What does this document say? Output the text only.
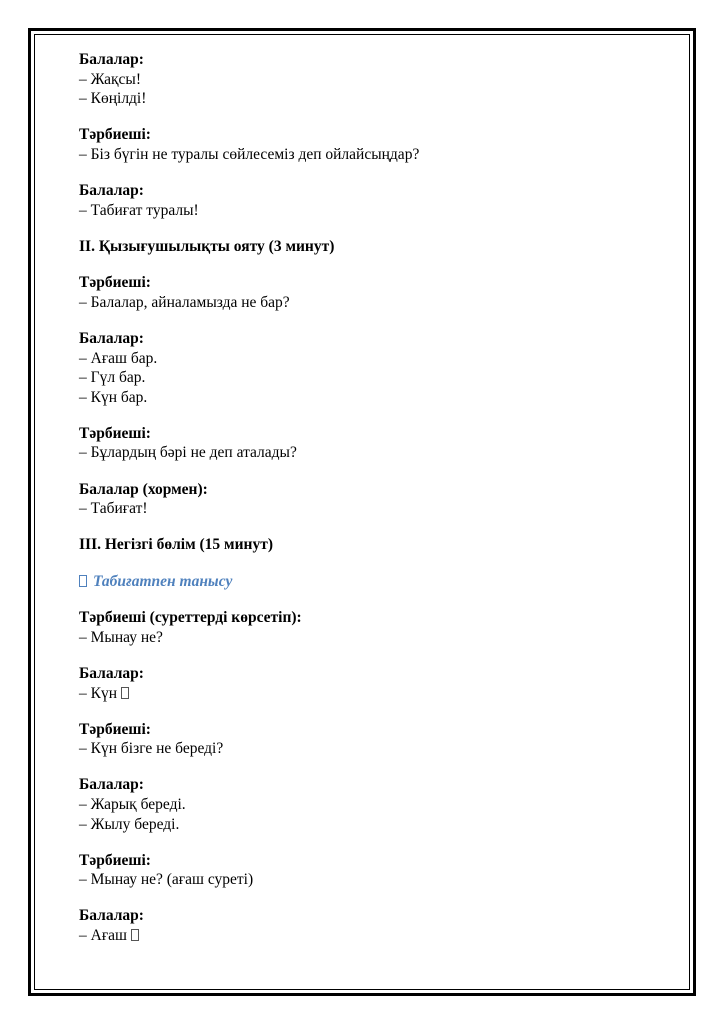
Балалар:
– Жақсы!
– Көңілді!
Тәрбиеші:
– Біз бүгін не туралы сөйлесеміз деп ойлайсыңдар?
Балалар:
– Табиғат туралы!
II. Қызығушылықты ояту (3 минут)
Тәрбиеші:
– Балалар, айналамызда не бар?
Балалар:
– Ағаш бар.
– Гүл бар.
– Күн бар.
Тәрбиеші:
– Бұлардың бәрі не деп аталады?
Балалар (хормен):
– Табиғат!
III. Негізгі бөлім (15 минут)
Табиғатпен танысу
Тәрбиеші (суреттерді көрсетіп):
– Мынау не?
Балалар:
– Күн
Тәрбиеші:
– Күн бізге не береді?
Балалар:
– Жарық береді.
– Жылу береді.
Тәрбиеші:
– Мынау не? (ағаш суреті)
Балалар:
– Ағаш
